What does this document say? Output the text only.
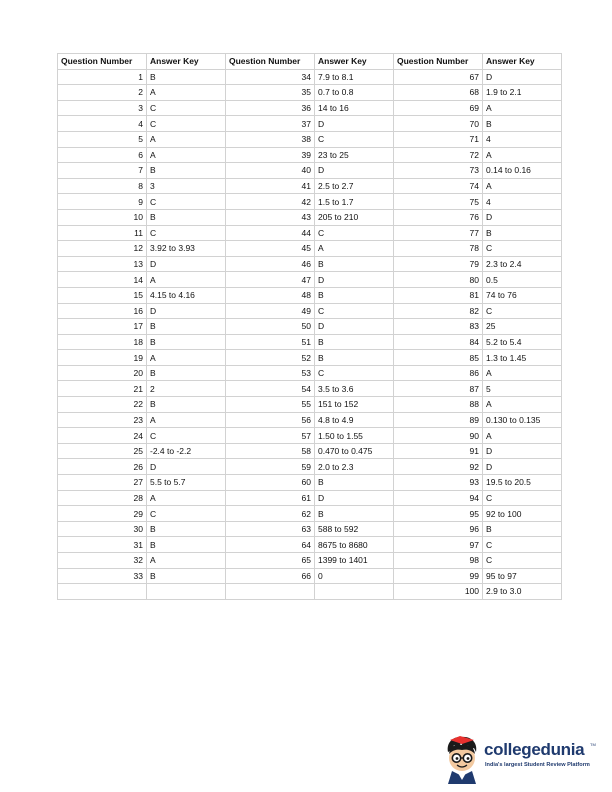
Question Number	Answer Key	Question Number	Answer Key	Question Number	Answer Key
1	B	34	7.9 to 8.1	67	D
2	A	35	0.7 to 0.8	68	1.9 to 2.1
3	C	36	14 to 16	69	A
4	C	37	D	70	B
5	A	38	C	71	4
6	A	39	23 to 25	72	A
7	B	40	D	73	0.14 to 0.16
8	3	41	2.5 to 2.7	74	A
9	C	42	1.5 to 1.7	75	4
10	B	43	205 to 210	76	D
11	C	44	C	77	B
12	3.92 to 3.93	45	A	78	C
13	D	46	B	79	2.3 to 2.4
14	A	47	D	80	0.5
15	4.15 to 4.16	48	B	81	74 to 76
16	D	49	C	82	C
17	B	50	D	83	25
18	B	51	B	84	5.2 to 5.4
19	A	52	B	85	1.3 to 1.45
20	B	53	C	86	A
21	2	54	3.5 to 3.6	87	5
22	B	55	151 to 152	88	A
23	A	56	4.8 to 4.9	89	0.130 to 0.135
24	C	57	1.50 to 1.55	90	A
25	-2.4 to -2.2	58	0.470 to 0.475	91	D
26	D	59	2.0 to 2.3	92	D
27	5.5 to 5.7	60	B	93	19.5 to 20.5
28	A	61	D	94	C
29	C	62	B	95	92 to 100
30	B	63	588 to 592	96	B
31	B	64	8675 to 8680	97	C
32	A	65	1399 to 1401	98	C
33	B	66	0	99	95 to 97
				100	2.9 to 3.0
collegedunia TM
India's largest Student Review Platform
